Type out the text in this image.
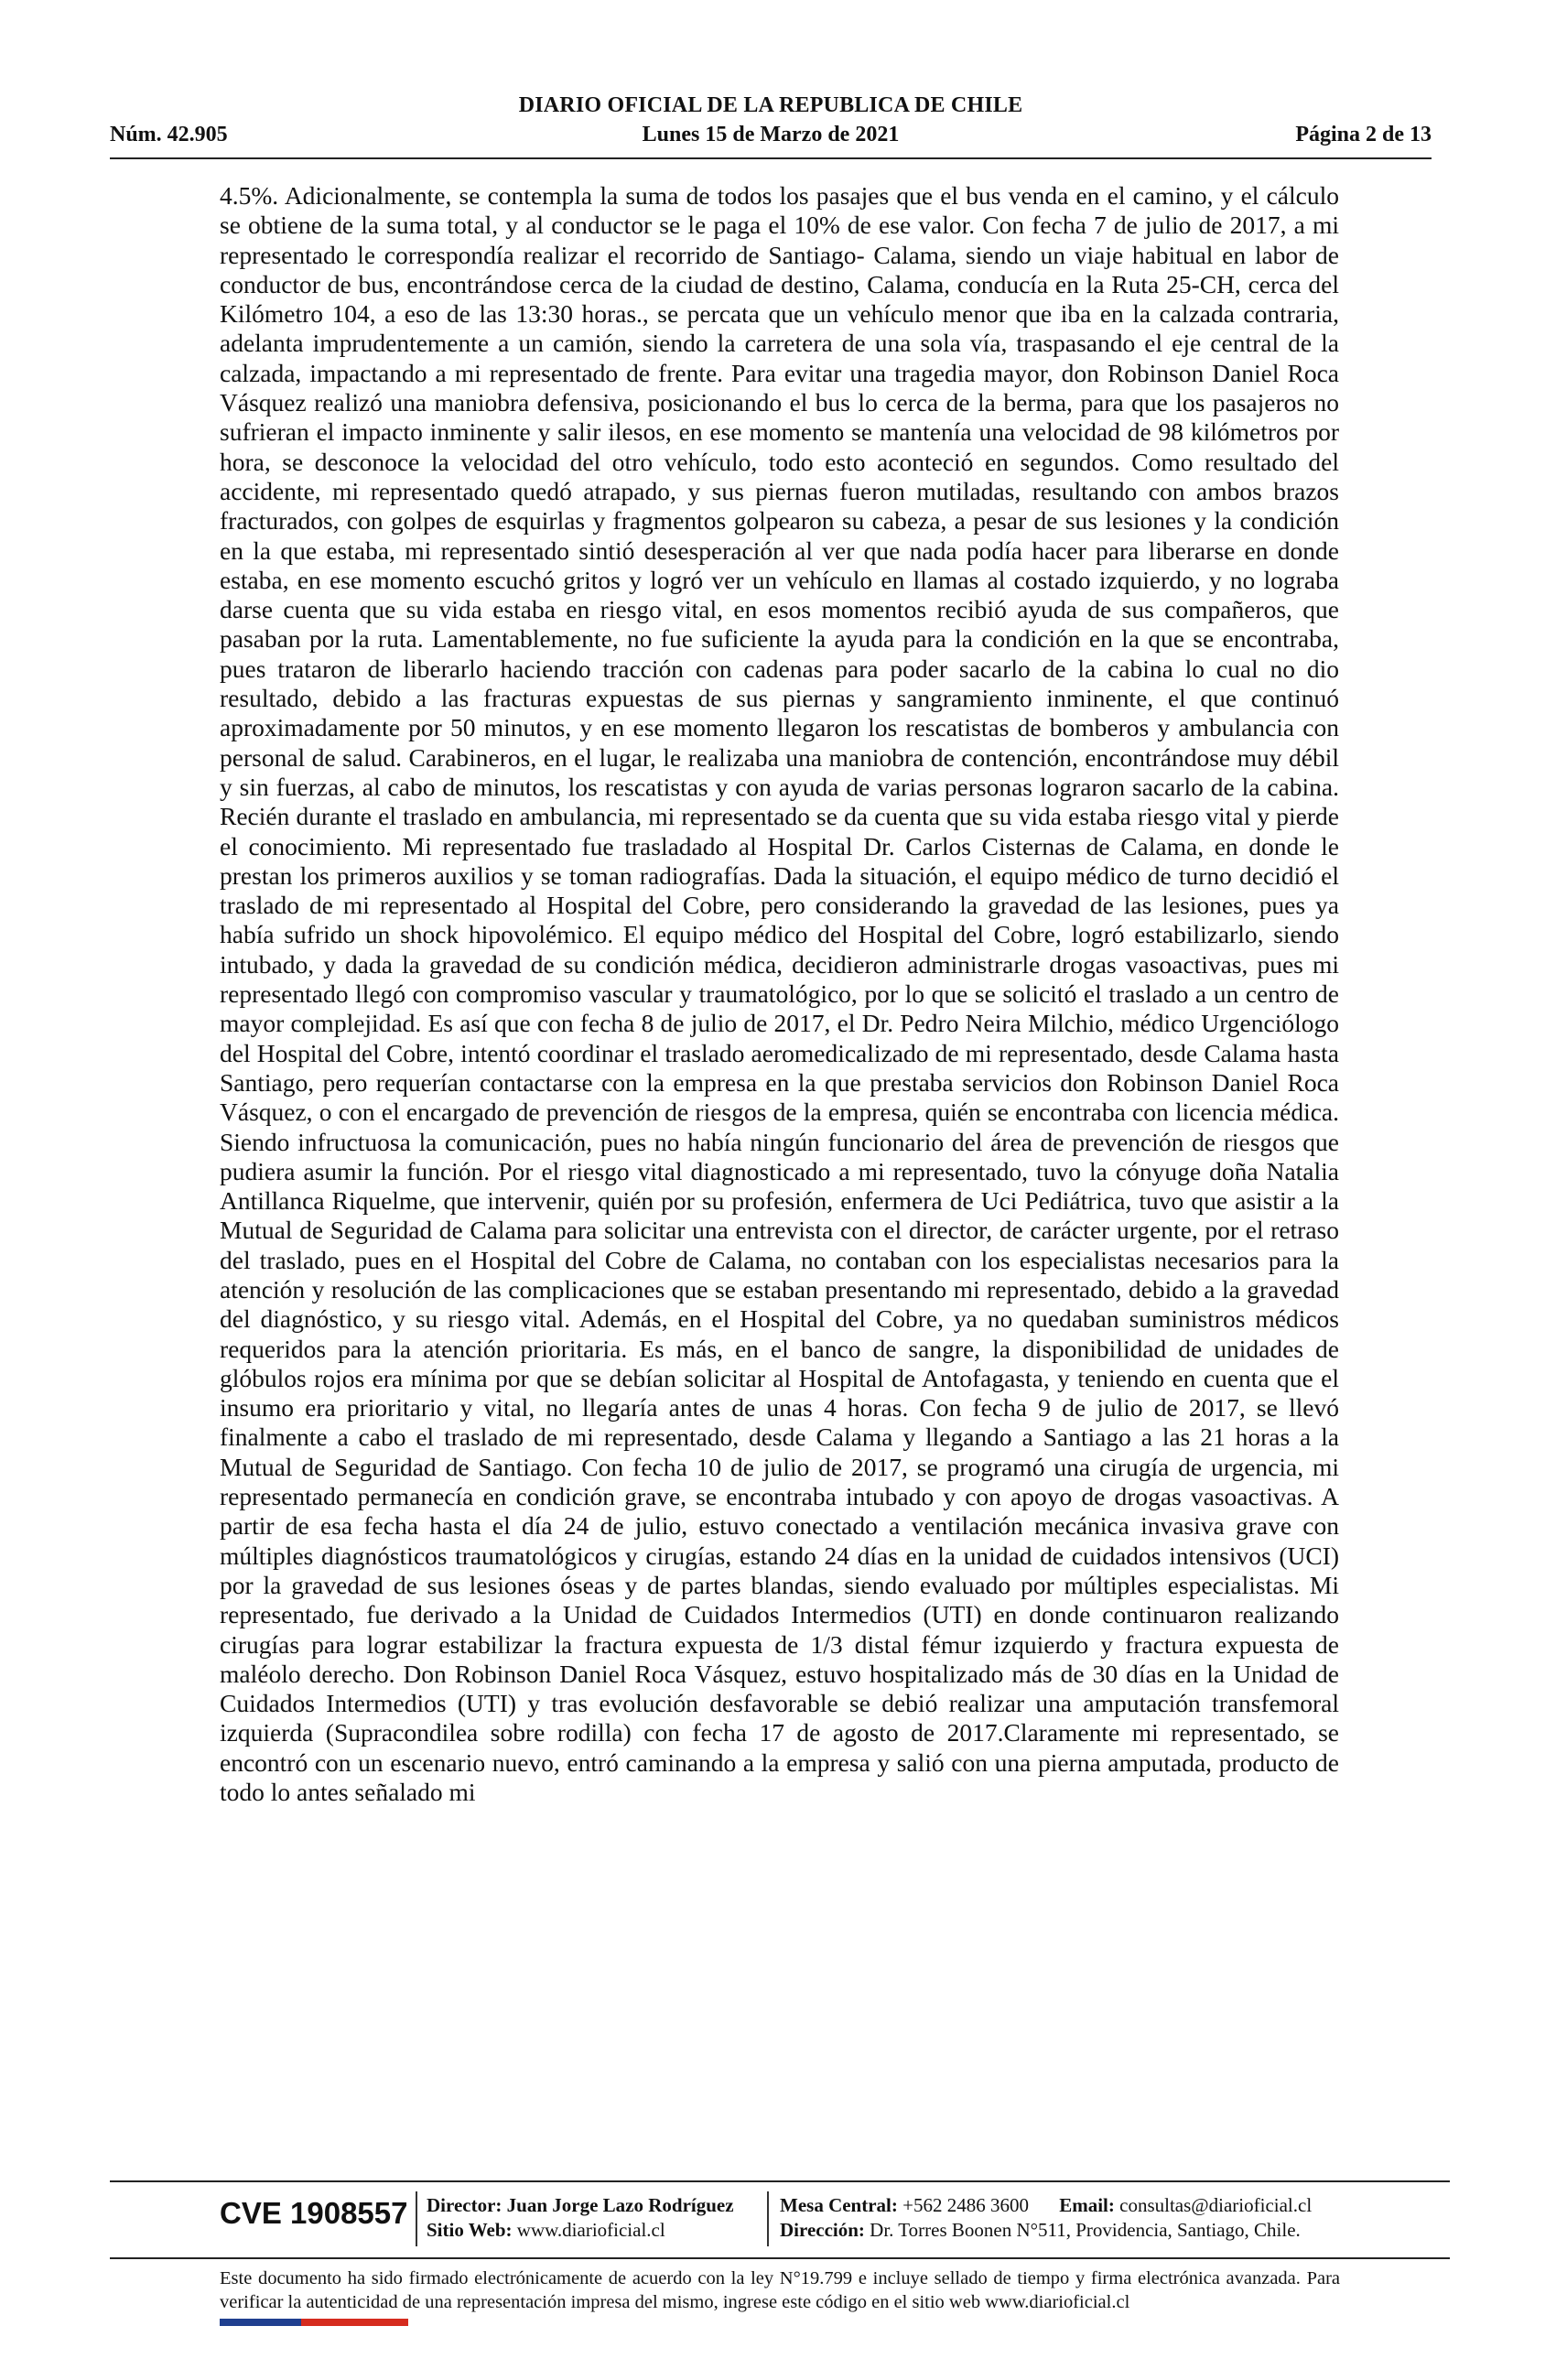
DIARIO OFICIAL DE LA REPUBLICA DE CHILE
Núm. 42.905	Lunes 15 de Marzo de 2021	Página 2 de 13
4.5%. Adicionalmente, se contempla la suma de todos los pasajes que el bus venda en el camino, y el cálculo se obtiene de la suma total, y al conductor se le paga el 10% de ese valor. Con fecha 7 de julio de 2017, a mi representado le correspondía realizar el recorrido de Santiago- Calama, siendo un viaje habitual en labor de conductor de bus, encontrándose cerca de la ciudad de destino, Calama, conducía en la Ruta 25-CH, cerca del Kilómetro 104, a eso de las 13:30 horas., se percata que un vehículo menor que iba en la calzada contraria, adelanta imprudentemente a un camión, siendo la carretera de una sola vía, traspasando el eje central de la calzada, impactando a mi representado de frente. Para evitar una tragedia mayor, don Robinson Daniel Roca Vásquez realizó una maniobra defensiva, posicionando el bus lo cerca de la berma, para que los pasajeros no sufrieran el impacto inminente y salir ilesos, en ese momento se mantenía una velocidad de 98 kilómetros por hora, se desconoce la velocidad del otro vehículo, todo esto aconteció en segundos. Como resultado del accidente, mi representado quedó atrapado, y sus piernas fueron mutiladas, resultando con ambos brazos fracturados, con golpes de esquirlas y fragmentos golpearon su cabeza, a pesar de sus lesiones y la condición en la que estaba, mi representado sintió desesperación al ver que nada podía hacer para liberarse en donde estaba, en ese momento escuchó gritos y logró ver un vehículo en llamas al costado izquierdo, y no lograba darse cuenta que su vida estaba en riesgo vital, en esos momentos recibió ayuda de sus compañeros, que pasaban por la ruta. Lamentablemente, no fue suficiente la ayuda para la condición en la que se encontraba, pues trataron de liberarlo haciendo tracción con cadenas para poder sacarlo de la cabina lo cual no dio resultado, debido a las fracturas expuestas de sus piernas y sangramiento inminente, el que continuó aproximadamente por 50 minutos, y en ese momento llegaron los rescatistas de bomberos y ambulancia con personal de salud. Carabineros, en el lugar, le realizaba una maniobra de contención, encontrándose muy débil y sin fuerzas, al cabo de minutos, los rescatistas y con ayuda de varias personas lograron sacarlo de la cabina. Recién durante el traslado en ambulancia, mi representado se da cuenta que su vida estaba riesgo vital y pierde el conocimiento. Mi representado fue trasladado al Hospital Dr. Carlos Cisternas de Calama, en donde le prestan los primeros auxilios y se toman radiografías. Dada la situación, el equipo médico de turno decidió el traslado de mi representado al Hospital del Cobre, pero considerando la gravedad de las lesiones, pues ya había sufrido un shock hipovolémico. El equipo médico del Hospital del Cobre, logró estabilizarlo, siendo intubado, y dada la gravedad de su condición médica, decidieron administrarle drogas vasoactivas, pues mi representado llegó con compromiso vascular y traumatológico, por lo que se solicitó el traslado a un centro de mayor complejidad. Es así que con fecha 8 de julio de 2017, el Dr. Pedro Neira Milchio, médico Urgenciólogo del Hospital del Cobre, intentó coordinar el traslado aeromedicalizado de mi representado, desde Calama hasta Santiago, pero requerían contactarse con la empresa en la que prestaba servicios don Robinson Daniel Roca Vásquez, o con el encargado de prevención de riesgos de la empresa, quién se encontraba con licencia médica. Siendo infructuosa la comunicación, pues no había ningún funcionario del área de prevención de riesgos que pudiera asumir la función. Por el riesgo vital diagnosticado a mi representado, tuvo la cónyuge doña Natalia Antillanca Riquelme, que intervenir, quién por su profesión, enfermera de Uci Pediátrica, tuvo que asistir a la Mutual de Seguridad de Calama para solicitar una entrevista con el director, de carácter urgente, por el retraso del traslado, pues en el Hospital del Cobre de Calama, no contaban con los especialistas necesarios para la atención y resolución de las complicaciones que se estaban presentando mi representado, debido a la gravedad del diagnóstico, y su riesgo vital. Además, en el Hospital del Cobre, ya no quedaban suministros médicos requeridos para la atención prioritaria. Es más, en el banco de sangre, la disponibilidad de unidades de glóbulos rojos era mínima por que se debían solicitar al Hospital de Antofagasta, y teniendo en cuenta que el insumo era prioritario y vital, no llegaría antes de unas 4 horas. Con fecha 9 de julio de 2017, se llevó finalmente a cabo el traslado de mi representado, desde Calama y llegando a Santiago a las 21 horas a la Mutual de Seguridad de Santiago. Con fecha 10 de julio de 2017, se programó una cirugía de urgencia, mi representado permanecía en condición grave, se encontraba intubado y con apoyo de drogas vasoactivas. A partir de esa fecha hasta el día 24 de julio, estuvo conectado a ventilación mecánica invasiva grave con múltiples diagnósticos traumatológicos y cirugías, estando 24 días en la unidad de cuidados intensivos (UCI) por la gravedad de sus lesiones óseas y de partes blandas, siendo evaluado por múltiples especialistas. Mi representado, fue derivado a la Unidad de Cuidados Intermedios (UTI) en donde continuaron realizando cirugías para lograr estabilizar la fractura expuesta de 1/3 distal fémur izquierdo y fractura expuesta de maléolo derecho. Don Robinson Daniel Roca Vásquez, estuvo hospitalizado más de 30 días en la Unidad de Cuidados Intermedios (UTI) y tras evolución desfavorable se debió realizar una amputación transfemoral izquierda (Supracondilea sobre rodilla) con fecha 17 de agosto de 2017.Claramente mi representado, se encontró con un escenario nuevo, entró caminando a la empresa y salió con una pierna amputada, producto de todo lo antes señalado mi
CVE 1908557 Director: Juan Jorge Lazo Rodríguez
Sitio Web: www.diarioficial.cl
Mesa Central: +562 2486 3600 Email: consultas@diarioficial.cl
Dirección: Dr. Torres Boonen N°511, Providencia, Santiago, Chile.
Este documento ha sido firmado electrónicamente de acuerdo con la ley N°19.799 e incluye sellado de tiempo y firma electrónica avanzada. Para verificar la autenticidad de una representación impresa del mismo, ingrese este código en el sitio web www.diarioficial.cl
